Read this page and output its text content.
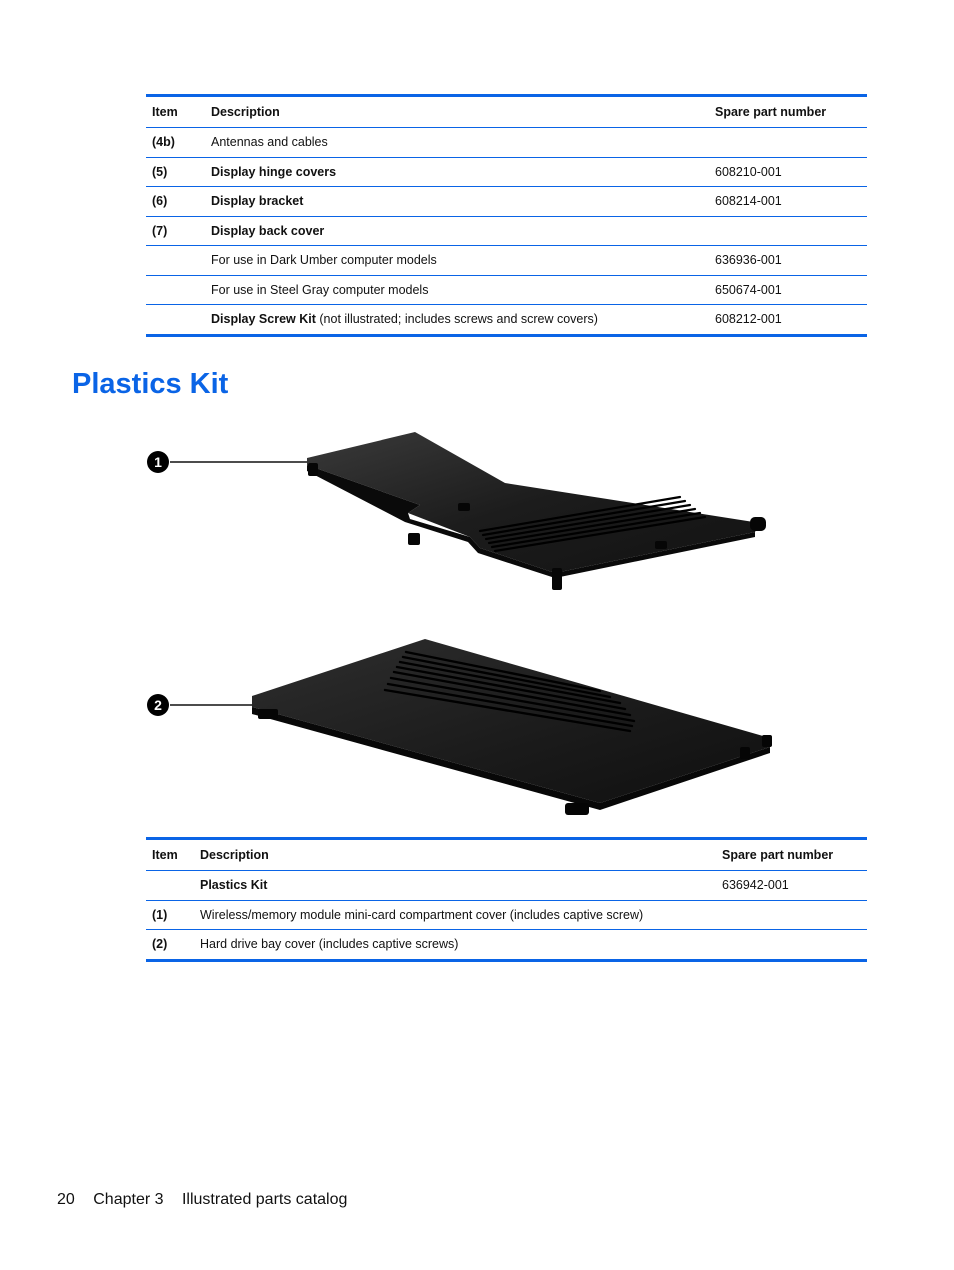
Item	Description	Spare part number
(4b)	Antennas and cables	
(5)	Display hinge covers	608210-001
(6)	Display bracket	608214-001
(7)	Display back cover	
	For use in Dark Umber computer models	636936-001
	For use in Steel Gray computer models	650674-001
	Display Screw Kit (not illustrated; includes screws and screw covers)	608212-001
Plastics Kit
1
2
Item	Description	Spare part number
	Plastics Kit	636942-001
(1)	Wireless/memory module mini-card compartment cover (includes captive screw)	
(2)	Hard drive bay cover (includes captive screws)	
20 Chapter 3 Illustrated parts catalog
